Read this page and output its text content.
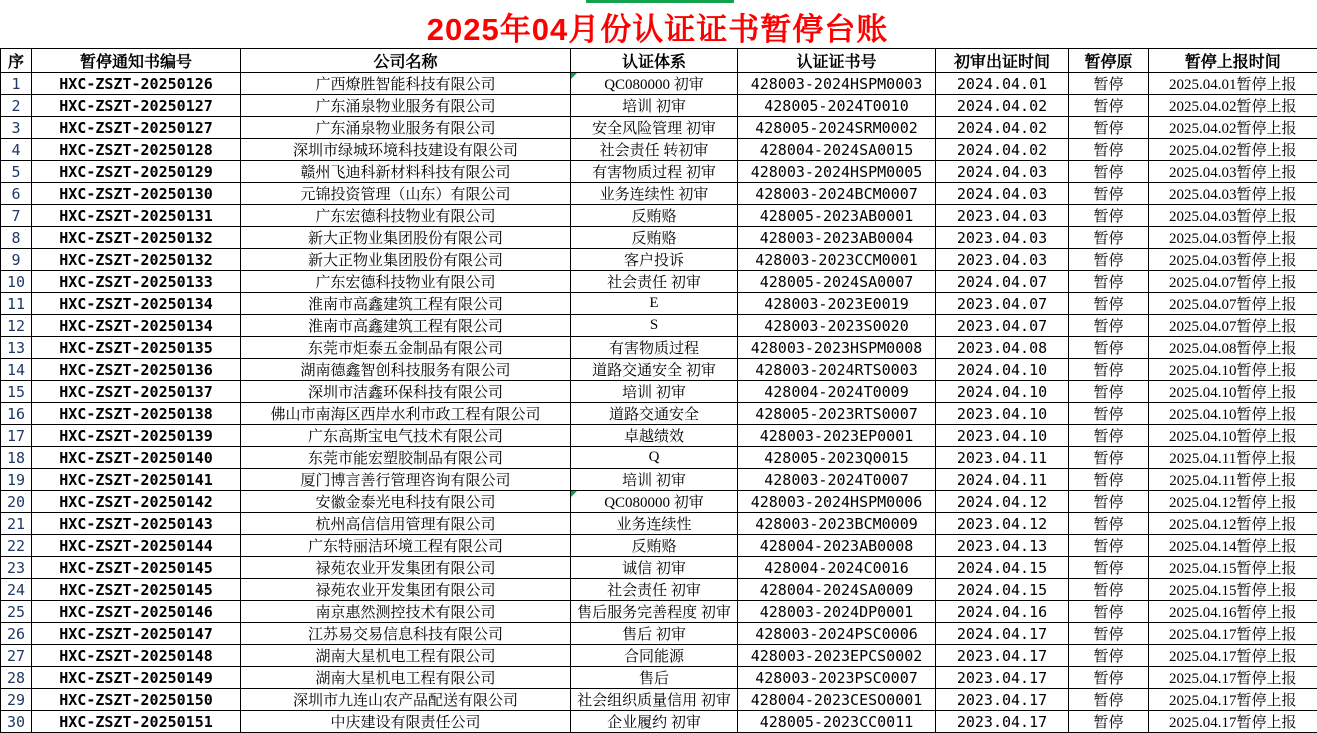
2025年04月份认证证书暂停台账
序	暂停通知书编号	公司名称	认证体系	认证证书号	初审出证时间	暂停原	暂停上报时间

1	HXC-ZSZT-20250126	广西燎胜智能科技有限公司	QC080000 初审	428003-2024HSPM0003	2024.04.01	暂停	2025.04.01暂停上报

2	HXC-ZSZT-20250127	广东涌泉物业服务有限公司	培训 初审	428005-2024T0010	2024.04.02	暂停	2025.04.02暂停上报

3	HXC-ZSZT-20250127	广东涌泉物业服务有限公司	安全风险管理 初审	428005-2024SRM0002	2024.04.02	暂停	2025.04.02暂停上报

4	HXC-ZSZT-20250128	深圳市绿城环境科技建设有限公司	社会责任 转初审	428004-2024SA0015	2024.04.02	暂停	2025.04.02暂停上报

5	HXC-ZSZT-20250129	赣州飞迪科新材料科技有限公司	有害物质过程 初审	428003-2024HSPM0005	2024.04.03	暂停	2025.04.03暂停上报

6	HXC-ZSZT-20250130	元锦投资管理（山东）有限公司	业务连续性 初审	428003-2024BCM0007	2024.04.03	暂停	2025.04.03暂停上报

7	HXC-ZSZT-20250131	广东宏德科技物业有限公司	反贿赂	428005-2023AB0001	2023.04.03	暂停	2025.04.03暂停上报

8	HXC-ZSZT-20250132	新大正物业集团股份有限公司	反贿赂	428003-2023AB0004	2023.04.03	暂停	2025.04.03暂停上报

9	HXC-ZSZT-20250132	新大正物业集团股份有限公司	客户投诉	428003-2023CCM0001	2023.04.03	暂停	2025.04.03暂停上报

10	HXC-ZSZT-20250133	广东宏德科技物业有限公司	社会责任 初审	428005-2024SA0007	2024.04.07	暂停	2025.04.07暂停上报

11	HXC-ZSZT-20250134	淮南市高鑫建筑工程有限公司	E	428003-2023E0019	2023.04.07	暂停	2025.04.07暂停上报

12	HXC-ZSZT-20250134	淮南市高鑫建筑工程有限公司	S	428003-2023S0020	2023.04.07	暂停	2025.04.07暂停上报

13	HXC-ZSZT-20250135	东莞市炬泰五金制品有限公司	有害物质过程	428003-2023HSPM0008	2023.04.08	暂停	2025.04.08暂停上报

14	HXC-ZSZT-20250136	湖南德鑫智创科技服务有限公司	道路交通安全 初审	428003-2024RTS0003	2024.04.10	暂停	2025.04.10暂停上报

15	HXC-ZSZT-20250137	深圳市洁鑫环保科技有限公司	培训 初审	428004-2024T0009	2024.04.10	暂停	2025.04.10暂停上报

16	HXC-ZSZT-20250138	佛山市南海区西岸水利市政工程有限公司	道路交通安全	428005-2023RTS0007	2023.04.10	暂停	2025.04.10暂停上报

17	HXC-ZSZT-20250139	广东高斯宝电气技术有限公司	卓越绩效	428003-2023EP0001	2023.04.10	暂停	2025.04.10暂停上报

18	HXC-ZSZT-20250140	东莞市能宏塑胶制品有限公司	Q	428005-2023Q0015	2023.04.11	暂停	2025.04.11暂停上报

19	HXC-ZSZT-20250141	厦门博言善行管理咨询有限公司	培训 初审	428003-2024T0007	2024.04.11	暂停	2025.04.11暂停上报

20	HXC-ZSZT-20250142	安徽金泰光电科技有限公司	QC080000 初审	428003-2024HSPM0006	2024.04.12	暂停	2025.04.12暂停上报

21	HXC-ZSZT-20250143	杭州高信信用管理有限公司	业务连续性	428003-2023BCM0009	2023.04.12	暂停	2025.04.12暂停上报

22	HXC-ZSZT-20250144	广东特丽洁环境工程有限公司	反贿赂	428004-2023AB0008	2023.04.13	暂停	2025.04.14暂停上报

23	HXC-ZSZT-20250145	禄苑农业开发集团有限公司	诚信 初审	428004-2024C0016	2024.04.15	暂停	2025.04.15暂停上报

24	HXC-ZSZT-20250145	禄苑农业开发集团有限公司	社会责任 初审	428004-2024SA0009	2024.04.15	暂停	2025.04.15暂停上报

25	HXC-ZSZT-20250146	南京惠然测控技术有限公司	售后服务完善程度 初审	428003-2024DP0001	2024.04.16	暂停	2025.04.16暂停上报

26	HXC-ZSZT-20250147	江苏易交易信息科技有限公司	售后 初审	428003-2024PSC0006	2024.04.17	暂停	2025.04.17暂停上报

27	HXC-ZSZT-20250148	湖南大星机电工程有限公司	合同能源	428003-2023EPCS0002	2023.04.17	暂停	2025.04.17暂停上报

28	HXC-ZSZT-20250149	湖南大星机电工程有限公司	售后	428003-2023PSC0007	2023.04.17	暂停	2025.04.17暂停上报

29	HXC-ZSZT-20250150	深圳市九连山农产品配送有限公司	社会组织质量信用 初审	428004-2023CESO0001	2023.04.17	暂停	2025.04.17暂停上报

30	HXC-ZSZT-20250151	中庆建设有限责任公司	企业履约 初审	428005-2023CC0011	2023.04.17	暂停	2025.04.17暂停上报
